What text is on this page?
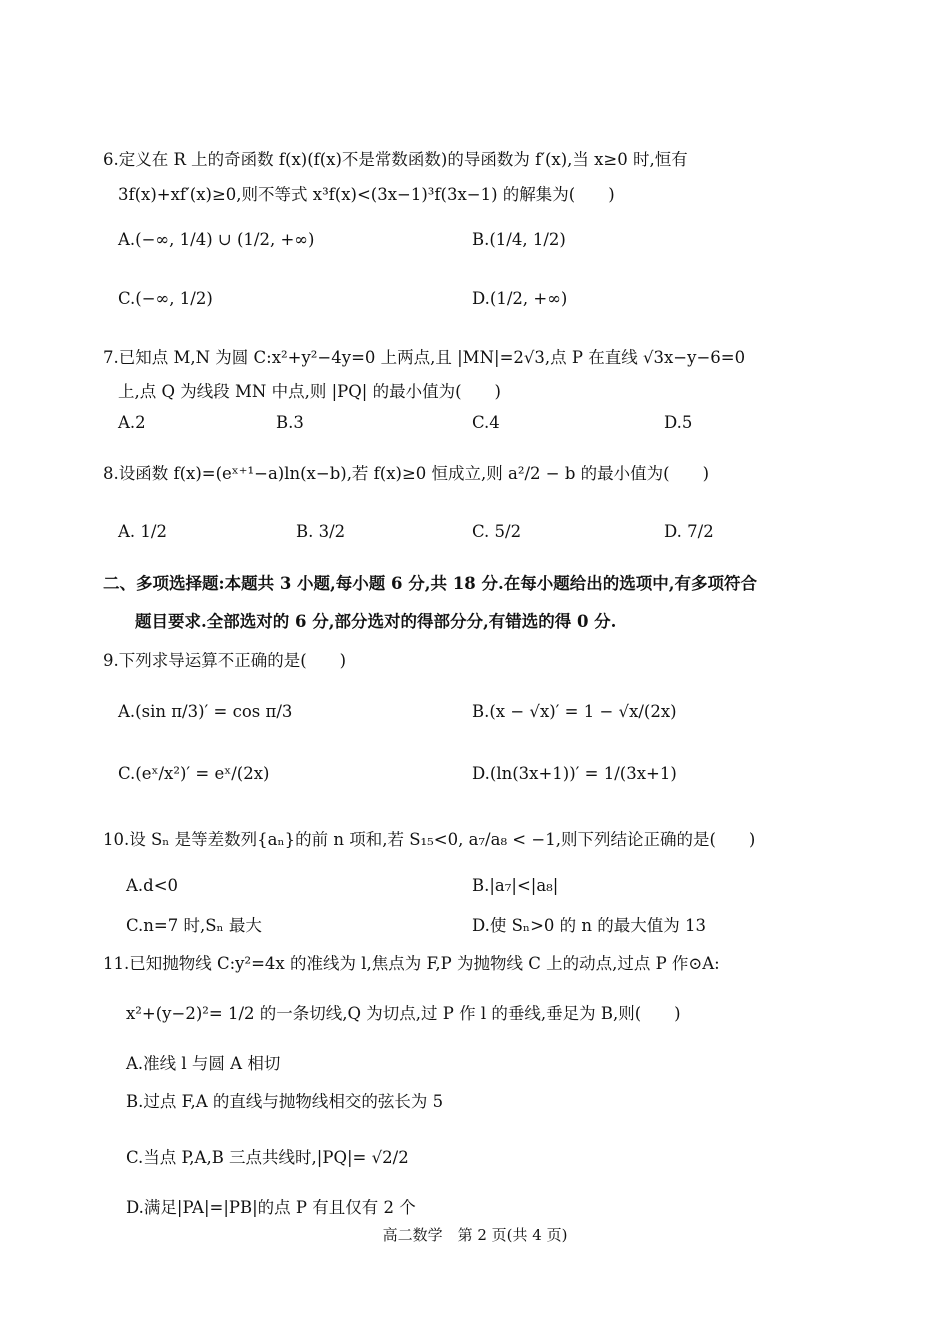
6.定义在 R 上的奇函数 f(x)(f(x)不是常数函数)的导函数为 f′(x),当 x≥0 时,恒有
3f(x)+xf′(x)≥0,则不等式 x³f(x)<(3x−1)³f(3x−1) 的解集为(　　)
A.(−∞, 1/4) ∪ (1/2, +∞)	B.(1/4, 1/2)
C.(−∞, 1/2)	D.(1/2, +∞)
7.已知点 M,N 为圆 C:x²+y²−4y=0 上两点,且 |MN|=2√3,点 P 在直线 √3x−y−6=0
上,点 Q 为线段 MN 中点,则 |PQ| 的最小值为(　　)
A.2	B.3	C.4	D.5
8.设函数 f(x)=(eˣ⁺¹−a)ln(x−b),若 f(x)≥0 恒成立,则 a²/2 − b 的最小值为(　　)
A. 1/2	B. 3/2	C. 5/2	D. 7/2
二、多项选择题:本题共 3 小题,每小题 6 分,共 18 分.在每小题给出的选项中,有多项符合
题目要求.全部选对的 6 分,部分选对的得部分分,有错选的得 0 分.
9.下列求导运算不正确的是(　　)
A.(sin π/3)′ = cos π/3	B.(x − √x)′ = 1 − √x/(2x)
C.(eˣ/x²)′ = eˣ/(2x)	D.(ln(3x+1))′ = 1/(3x+1)
10.设 Sₙ 是等差数列{aₙ}的前 n 项和,若 S₁₅<0, a₇/a₈ < −1,则下列结论正确的是(　　)
A.d<0	B.|a₇|<|a₈|
C.n=7 时,Sₙ 最大	D.使 Sₙ>0 的 n 的最大值为 13
11.已知抛物线 C:y²=4x 的准线为 l,焦点为 F,P 为抛物线 C 上的动点,过点 P 作⊙A:
x²+(y−2)²= 1/2 的一条切线,Q 为切点,过 P 作 l 的垂线,垂足为 B,则(　　)
A.准线 l 与圆 A 相切
B.过点 F,A 的直线与抛物线相交的弦长为 5
C.当点 P,A,B 三点共线时,|PQ|= √2/2
D.满足|PA|=|PB|的点 P 有且仅有 2 个
高二数学　第 2 页(共 4 页)
